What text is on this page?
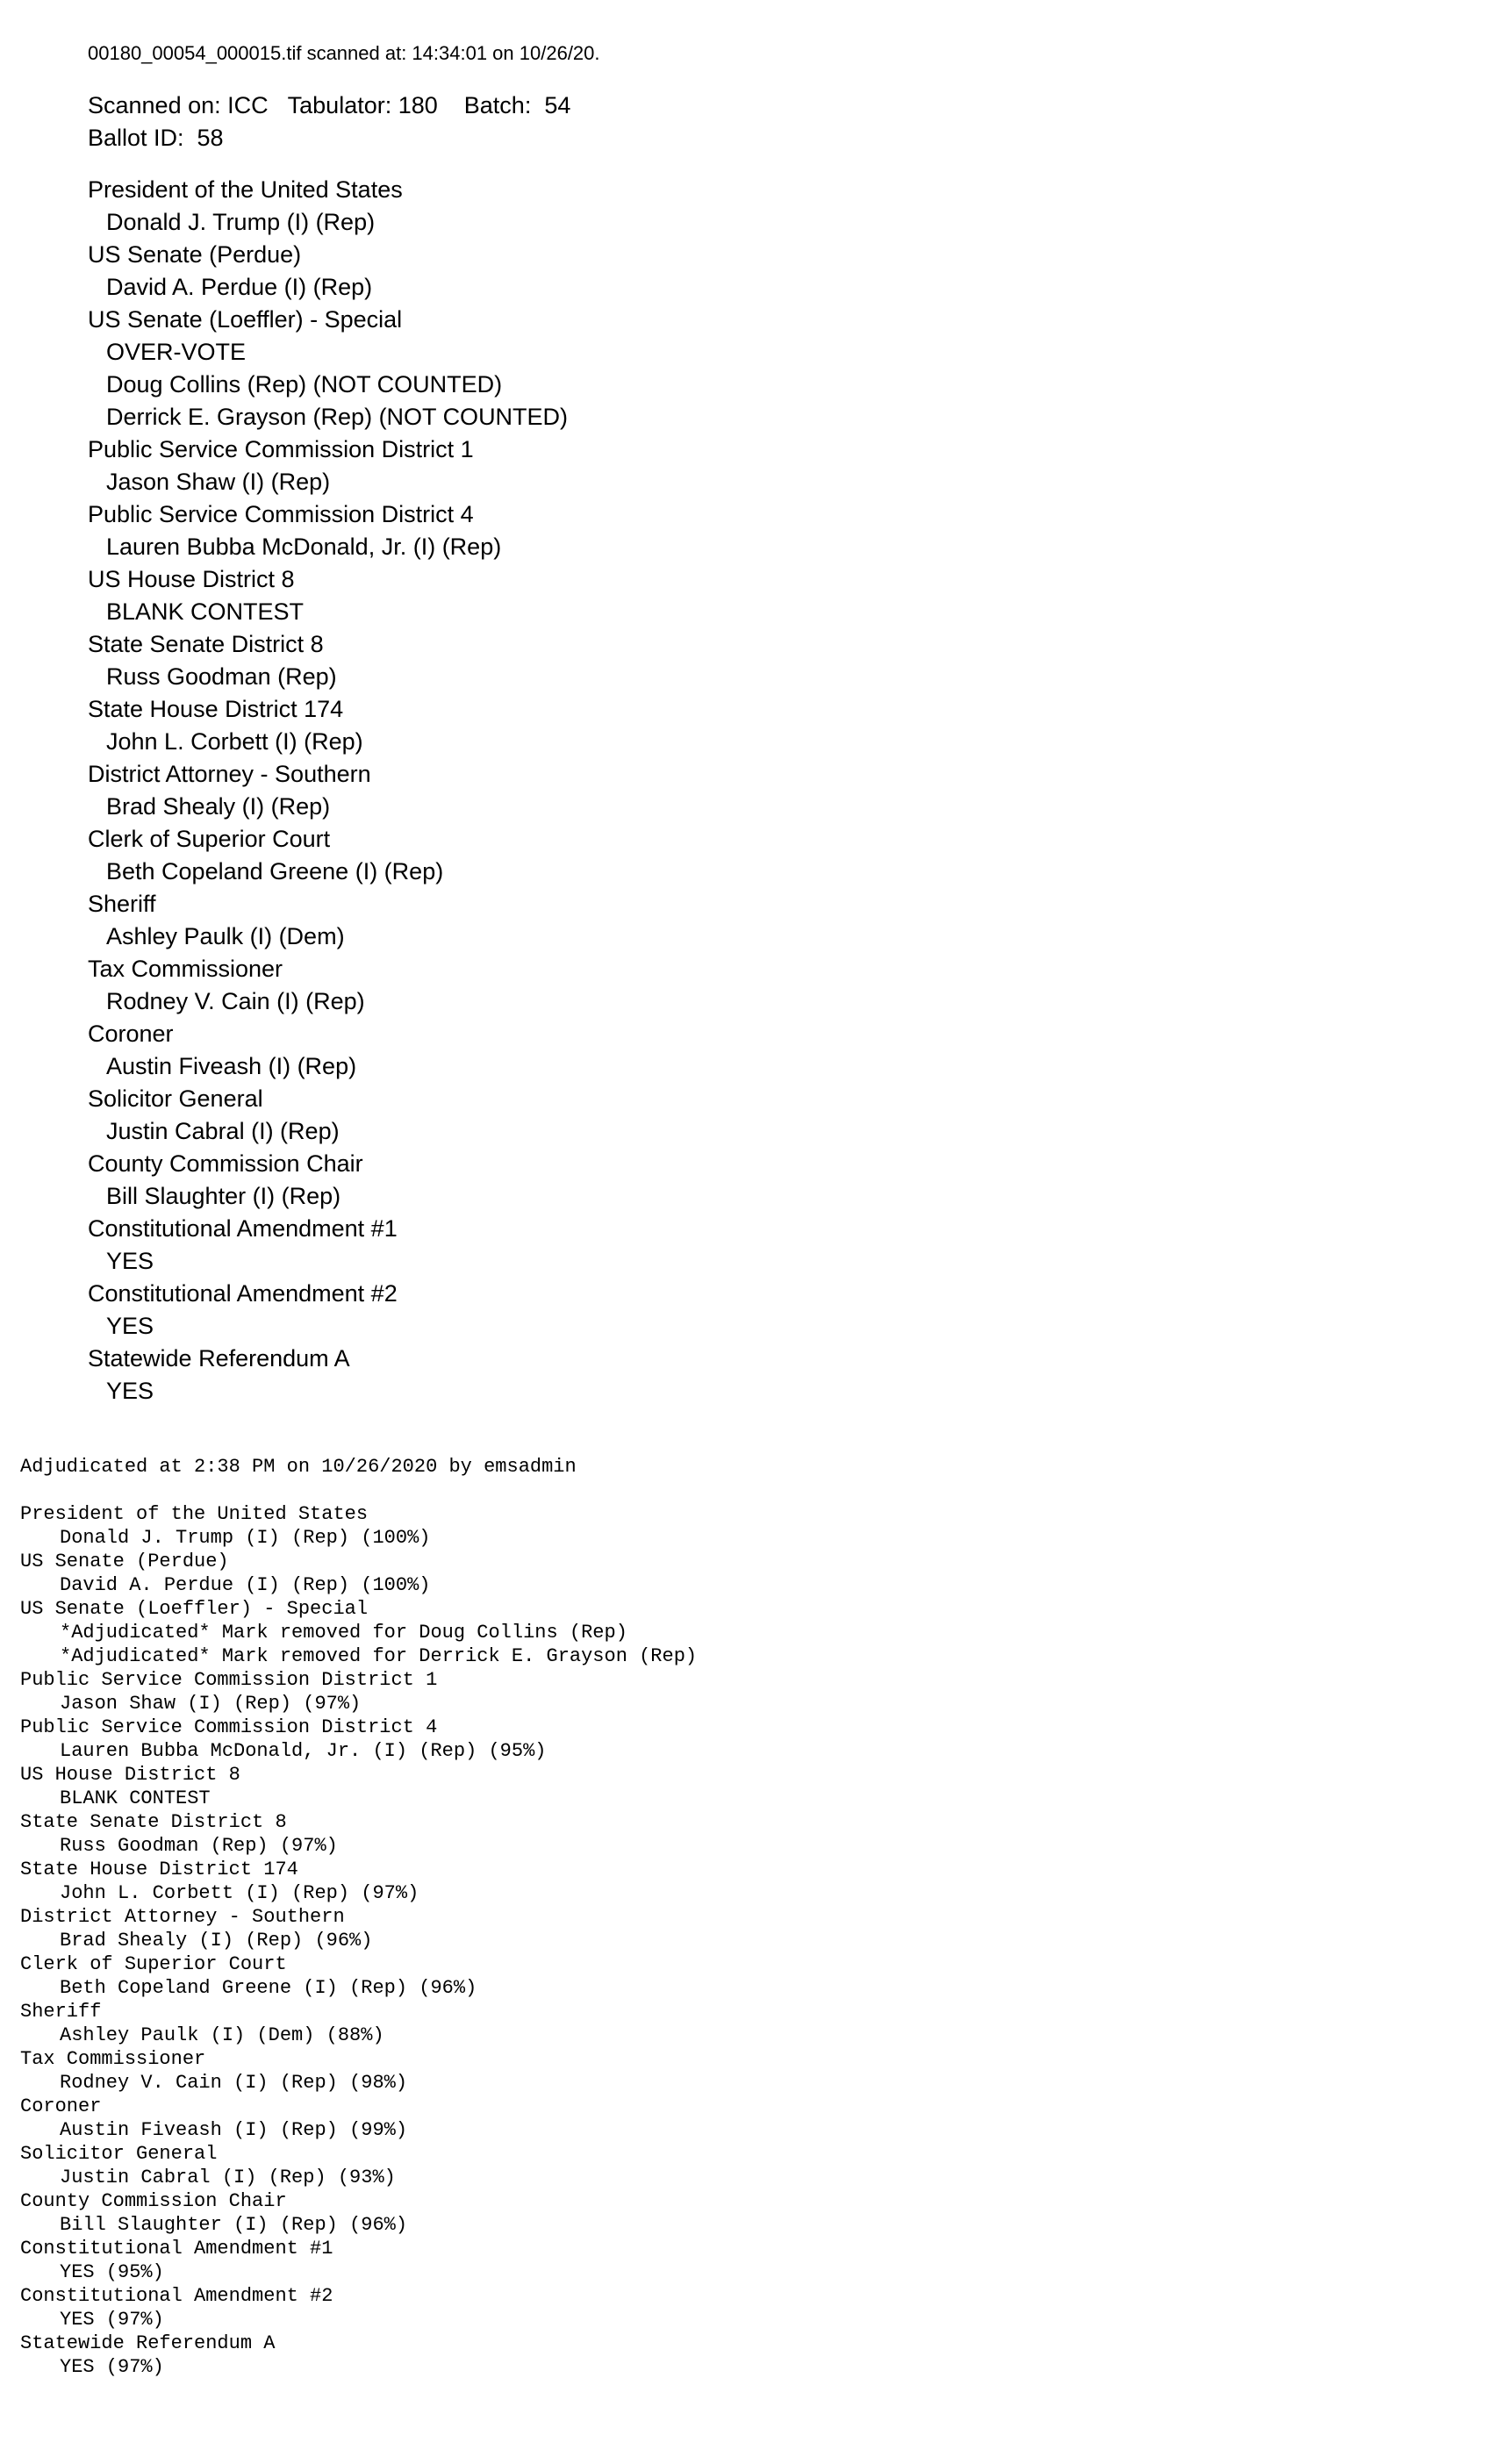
00180_00054_000015.tif scanned at: 14:34:01 on 10/26/20.
Scanned on: ICC   Tabulator: 180    Batch:  54
Ballot ID:  58
President of the United States
Donald J. Trump (I) (Rep)
US Senate (Perdue)
David A. Perdue (I) (Rep)
US Senate (Loeffler) - Special
OVER-VOTE
Doug Collins (Rep) (NOT COUNTED)
Derrick E. Grayson (Rep) (NOT COUNTED)
Public Service Commission District 1
Jason Shaw (I) (Rep)
Public Service Commission District 4
Lauren Bubba McDonald, Jr. (I) (Rep)
US House District 8
BLANK CONTEST
State Senate District 8
Russ Goodman (Rep)
State House District 174
John L. Corbett (I) (Rep)
District Attorney - Southern
Brad Shealy (I) (Rep)
Clerk of Superior Court
Beth Copeland Greene (I) (Rep)
Sheriff
Ashley Paulk (I) (Dem)
Tax Commissioner
Rodney V. Cain (I) (Rep)
Coroner
Austin Fiveash (I) (Rep)
Solicitor General
Justin Cabral (I) (Rep)
County Commission Chair
Bill Slaughter (I) (Rep)
Constitutional Amendment #1
YES
Constitutional Amendment #2
YES
Statewide Referendum A
YES
Adjudicated at 2:38 PM on 10/26/2020 by emsadmin
President of the United States
Donald J. Trump (I) (Rep) (100%)
US Senate (Perdue)
David A. Perdue (I) (Rep) (100%)
US Senate (Loeffler) - Special
*Adjudicated* Mark removed for Doug Collins (Rep)
*Adjudicated* Mark removed for Derrick E. Grayson (Rep)
Public Service Commission District 1
Jason Shaw (I) (Rep) (97%)
Public Service Commission District 4
Lauren Bubba McDonald, Jr. (I) (Rep) (95%)
US House District 8
BLANK CONTEST
State Senate District 8
Russ Goodman (Rep) (97%)
State House District 174
John L. Corbett (I) (Rep) (97%)
District Attorney - Southern
Brad Shealy (I) (Rep) (96%)
Clerk of Superior Court
Beth Copeland Greene (I) (Rep) (96%)
Sheriff
Ashley Paulk (I) (Dem) (88%)
Tax Commissioner
Rodney V. Cain (I) (Rep) (98%)
Coroner
Austin Fiveash (I) (Rep) (99%)
Solicitor General
Justin Cabral (I) (Rep) (93%)
County Commission Chair
Bill Slaughter (I) (Rep) (96%)
Constitutional Amendment #1
YES (95%)
Constitutional Amendment #2
YES (97%)
Statewide Referendum A
YES (97%)
